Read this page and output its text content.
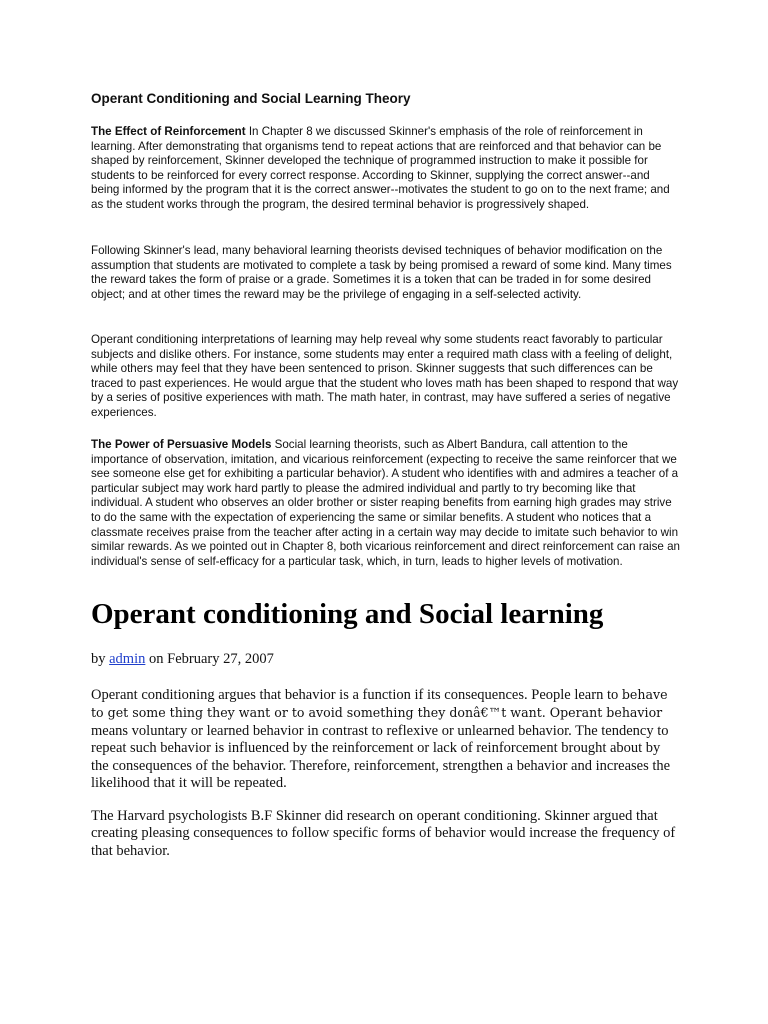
Operant Conditioning and Social Learning Theory

The Effect of Reinforcement In Chapter 8 we discussed Skinner's emphasis of the role of reinforcement in learning. After demonstrating that organisms tend to repeat actions that are reinforced and that behavior can be shaped by reinforcement, Skinner developed the technique of programmed instruction to make it possible for students to be reinforced for every correct response. According to Skinner, supplying the correct answer--and being informed by the program that it is the correct answer--motivates the student to go on to the next frame; and as the student works through the program, the desired terminal behavior is progressively shaped.

Following Skinner's lead, many behavioral learning theorists devised techniques of behavior modification on the assumption that students are motivated to complete a task by being promised a reward of some kind. Many times the reward takes the form of praise or a grade. Sometimes it is a token that can be traded in for some desired object; and at other times the reward may be the privilege of engaging in a self-selected activity.

Operant conditioning interpretations of learning may help reveal why some students react favorably to particular subjects and dislike others. For instance, some students may enter a required math class with a feeling of delight, while others may feel that they have been sentenced to prison. Skinner suggests that such differences can be traced to past experiences. He would argue that the student who loves math has been shaped to respond that way by a series of positive experiences with math. The math hater, in contrast, may have suffered a series of negative experiences.

The Power of Persuasive Models Social learning theorists, such as Albert Bandura, call attention to the importance of observation, imitation, and vicarious reinforcement (expecting to receive the same reinforcer that we see someone else get for exhibiting a particular behavior). A student who identifies with and admires a teacher of a particular subject may work hard partly to please the admired individual and partly to try becoming like that individual. A student who observes an older brother or sister reaping benefits from earning high grades may strive to do the same with the expectation of experiencing the same or similar benefits. A student who notices that a classmate receives praise from the teacher after acting in a certain way may decide to imitate such behavior to win similar rewards. As we pointed out in Chapter 8, both vicarious reinforcement and direct reinforcement can raise an individual's sense of self-efficacy for a particular task, which, in turn, leads to higher levels of motivation.

Operant conditioning and Social learning
by admin on February 27, 2007

Operant conditioning argues that behavior is a function if its consequences. People learn to behave to get some thing they want or to avoid something they donâ€™t want. Operant behavior means voluntary or learned behavior in contrast to reflexive or unlearned behavior. The tendency to repeat such behavior is influenced by the reinforcement or lack of reinforcement brought about by the consequences of the behavior. Therefore, reinforcement, strengthen a behavior and increases the likelihood that it will be repeated.

The Harvard psychologists B.F Skinner did research on operant conditioning. Skinner argued that creating pleasing consequences to follow specific forms of behavior would increase the frequency of that behavior.
